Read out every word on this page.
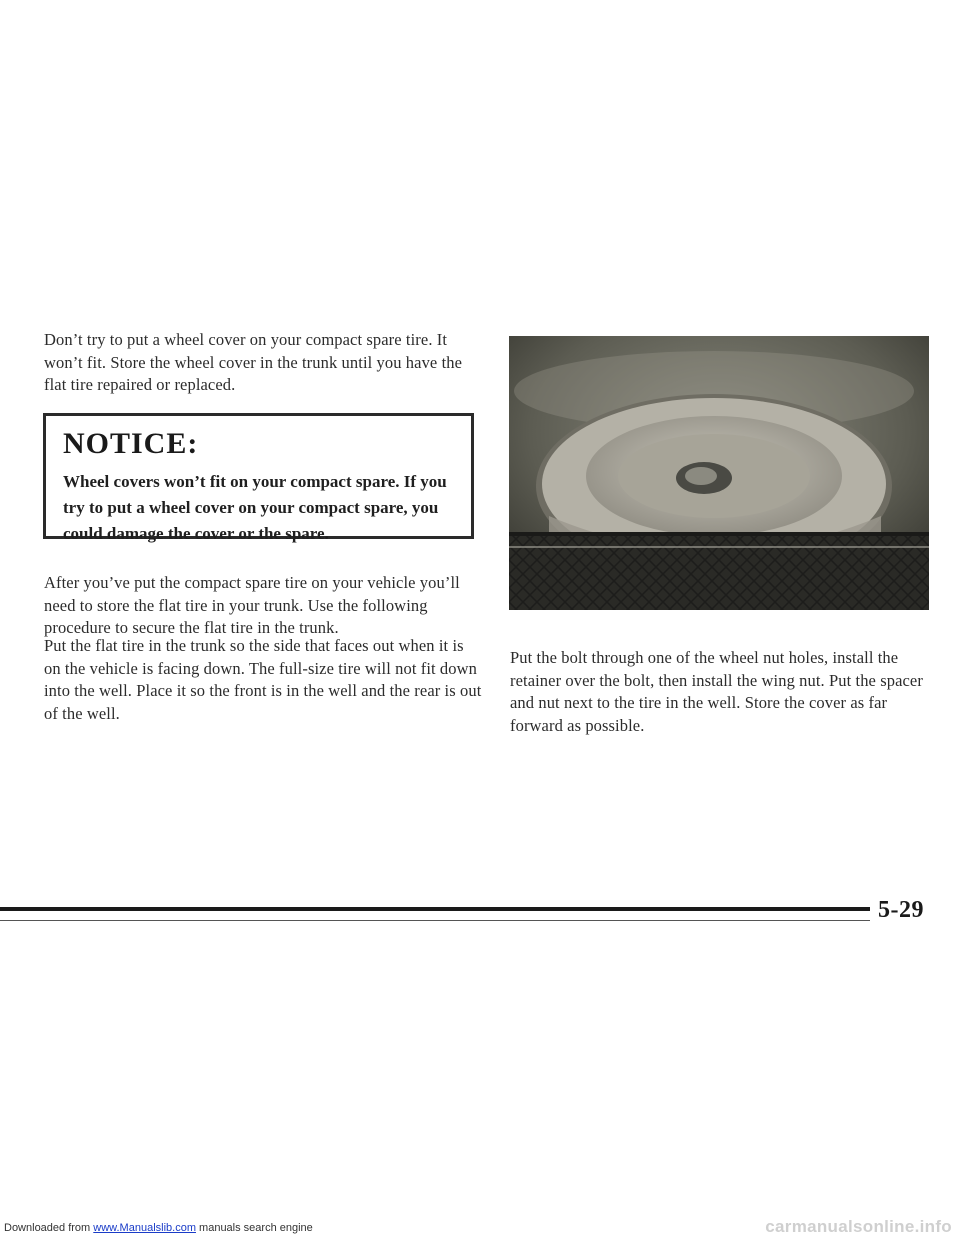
Don’t try to put a wheel cover on your compact spare tire. It won’t fit. Store the wheel cover in the trunk until you have the flat tire repaired or replaced.

NOTICE:
Wheel covers won’t fit on your compact spare. If you try to put a wheel cover on your compact spare, you could damage the cover or the spare.

After you’ve put the compact spare tire on your vehicle you’ll need to store the flat tire in your trunk. Use the following procedure to secure the flat tire in the trunk.

Put the flat tire in the trunk so the side that faces out when it is on the vehicle is facing down. The full-size tire will not fit down into the well. Place it so the front is in the well and the rear is out of the well.

Put the bolt through one of the wheel nut holes, install the retainer over the bolt, then install the wing nut. Put the spacer and nut next to the tire in the well. Store the cover as far forward as possible.

5-29
Downloaded from www.Manualslib.com manuals search engine	carmanualsonline.info
